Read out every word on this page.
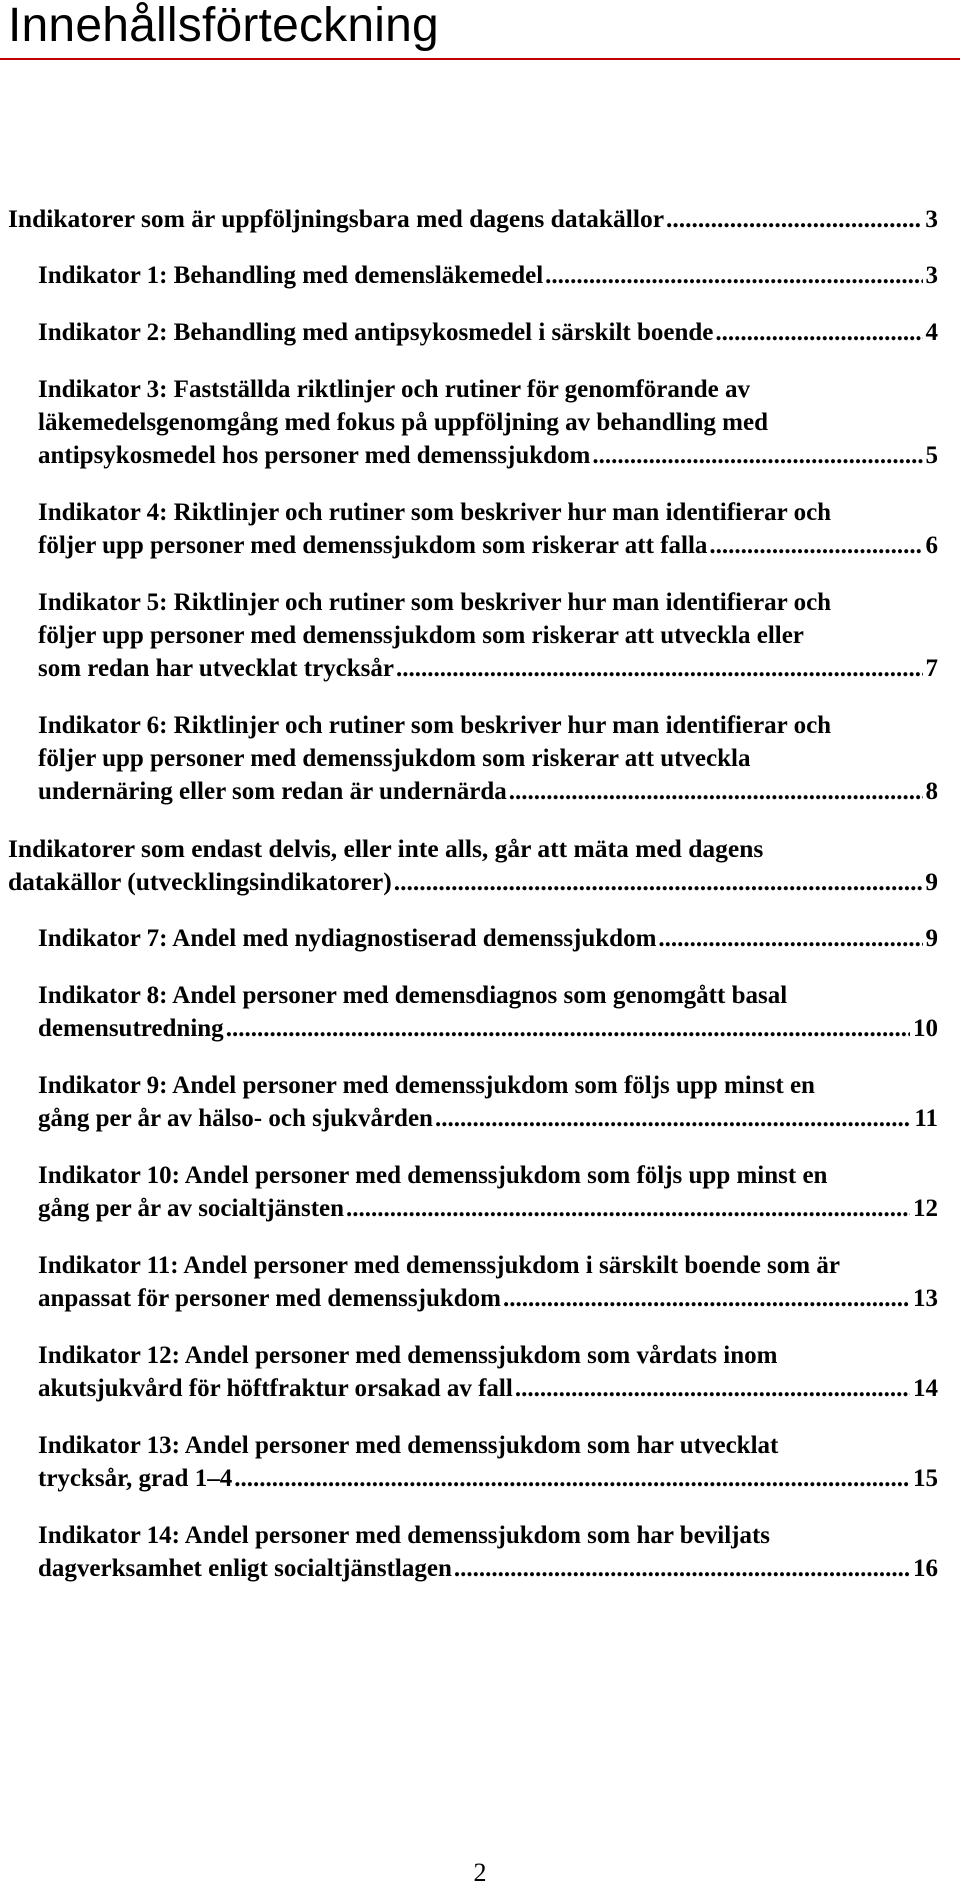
Innehållsförteckning
Indikatorer som är uppföljningsbara med dagens datakällor .....	3
Indikator 1: Behandling med demensläkemedel .....	3
Indikator 2: Behandling med antipsykosmedel i särskilt boende .....	4
Indikator 3: Fastställda riktlinjer och rutiner för genomförande av
läkemedelsgenomgång med fokus på uppföljning av behandling med
antipsykosmedel hos personer med demenssjukdom .....	5
Indikator 4: Riktlinjer och rutiner som beskriver hur man identifierar och
följer upp personer med demenssjukdom som riskerar att falla .....	6
Indikator 5: Riktlinjer och rutiner som beskriver hur man identifierar och
följer upp personer med demenssjukdom som riskerar att utveckla eller
som redan har utvecklat trycksår .....	7
Indikator 6: Riktlinjer och rutiner som beskriver hur man identifierar och
följer upp personer med demenssjukdom som riskerar att utveckla
undernäring eller som redan är undernärda .....	8
Indikatorer som endast delvis, eller inte alls, går att mäta med dagens
datakällor (utvecklingsindikatorer) .....	9
Indikator 7: Andel med nydiagnostiserad demenssjukdom .....	9
Indikator 8: Andel personer med demensdiagnos som genomgått basal
demensutredning .....	10
Indikator 9: Andel personer med demenssjukdom som följs upp minst en
gång per år av hälso- och sjukvården .....	11
Indikator 10: Andel personer med demenssjukdom som följs upp minst en
gång per år av socialtjänsten .....	12
Indikator 11: Andel personer med demenssjukdom i särskilt boende som är
anpassat för personer med demenssjukdom .....	13
Indikator 12: Andel personer med demenssjukdom som vårdats inom
akutsjukvård för höftfraktur orsakad av fall .....	14
Indikator 13: Andel personer med demenssjukdom som har utvecklat
trycksår, grad 1–4 .....	15
Indikator 14: Andel personer med demenssjukdom som har beviljats
dagverksamhet enligt socialtjänstlagen .....	16
2
